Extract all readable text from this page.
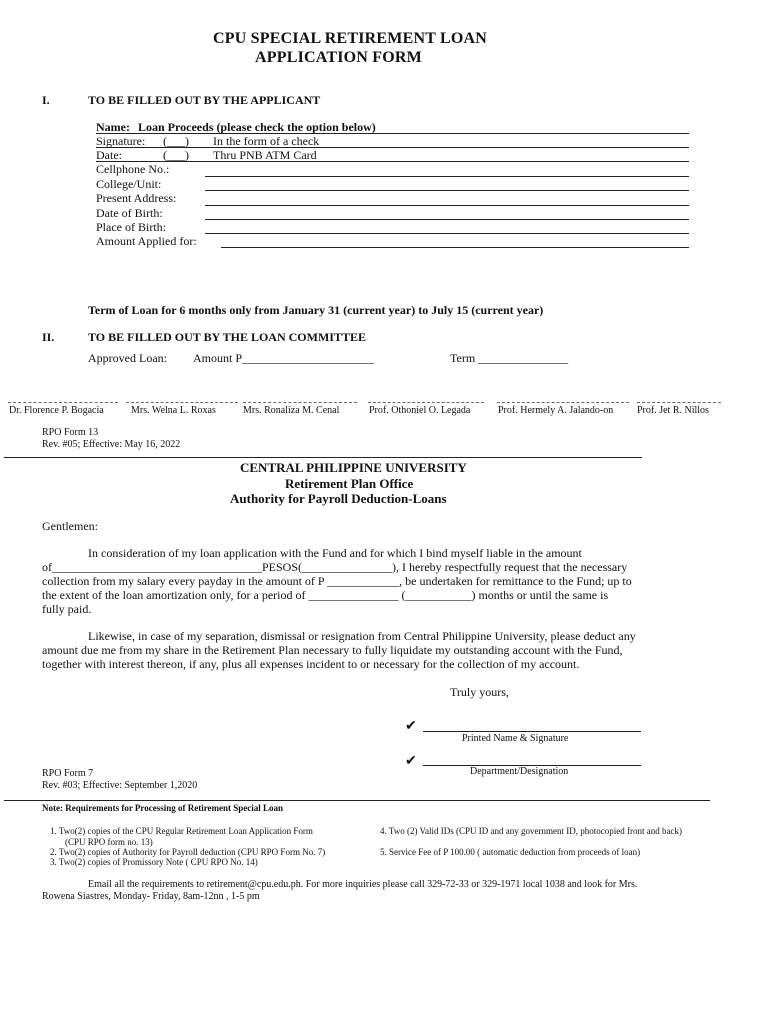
CPU SPECIAL RETIREMENT LOAN
APPLICATION FORM
I.	TO BE FILLED OUT BY THE APPLICANT
Name: Loan Proceeds (please check the option below)
Signature: (___) In the form of a check
Date:	(___) Thru PNB ATM Card
Cellphone No.:
College/Unit:
Present Address:
Date of Birth:
Place of Birth:
Amount Applied for:
Term of Loan for 6 months only from January 31 (current year) to July 15 (current year)
II.	TO BE FILLED OUT BY THE LOAN COMMITTEE
Approved Loan: Amount P______________________	Term _______________
Dr. Florence P. Bogacia	Mrs. Welna L. Roxas	Mrs. Ronaliza M. Cenal	Prof. Othoniel O. Legada	Prof. Hermely A. Jalando-on Prof. Jet R. Nillos
RPO Form 13
Rev. #05; Effective: May 16, 2022
CENTRAL PHILIPPINE UNIVERSITY
Retirement Plan Office
Authority for Payroll Deduction-Loans
Gentlemen:
In consideration of my loan application with the Fund and for which I bind myself liable in the amount
of___________________________________PESOS(_______________), I hereby respectfully request that the necessary
collection from my salary every payday in the amount of P ____________, be undertaken for remittance to the Fund; up to
the extent of the loan amortization only, for a period of _______________ (___________) months or until the same is
fully paid.
Likewise, in case of my separation, dismissal or resignation from Central Philippine University, please deduct any
amount due me from my share in the Retirement Plan necessary to fully liquidate my outstanding account with the Fund,
together with interest thereon, if any, plus all expenses incident to or necessary for the collection of my account.
Truly yours,
✔
Printed Name & Signature
✔
Department/Designation
RPO Form 7
Rev. #03; Effective: September 1,2020
Note: Requirements for Processing of Retirement Special Loan
1. Two(2) copies of the CPU Regular Retirement Loan Application Form
(CPU RPO form no. 13)
2. Two(2) copies of Authority for Payroll deduction (CPU RPO Form No. 7)
3. Two(2) copies of Promissory Note ( CPU RPO No. 14)
4. Two (2) Valid IDs (CPU ID and any government ID, photocopied front and back)
5. Service Fee of P 100.00 ( automatic deduction from proceeds of loan)
Email all the requirements to retirement@cpu.edu.ph. For more inquiries please call 329-72-33 or 329-1971 local 1038 and look for Mrs.
Rowena Siastres, Monday- Friday, 8am-12nn , 1-5 pm
